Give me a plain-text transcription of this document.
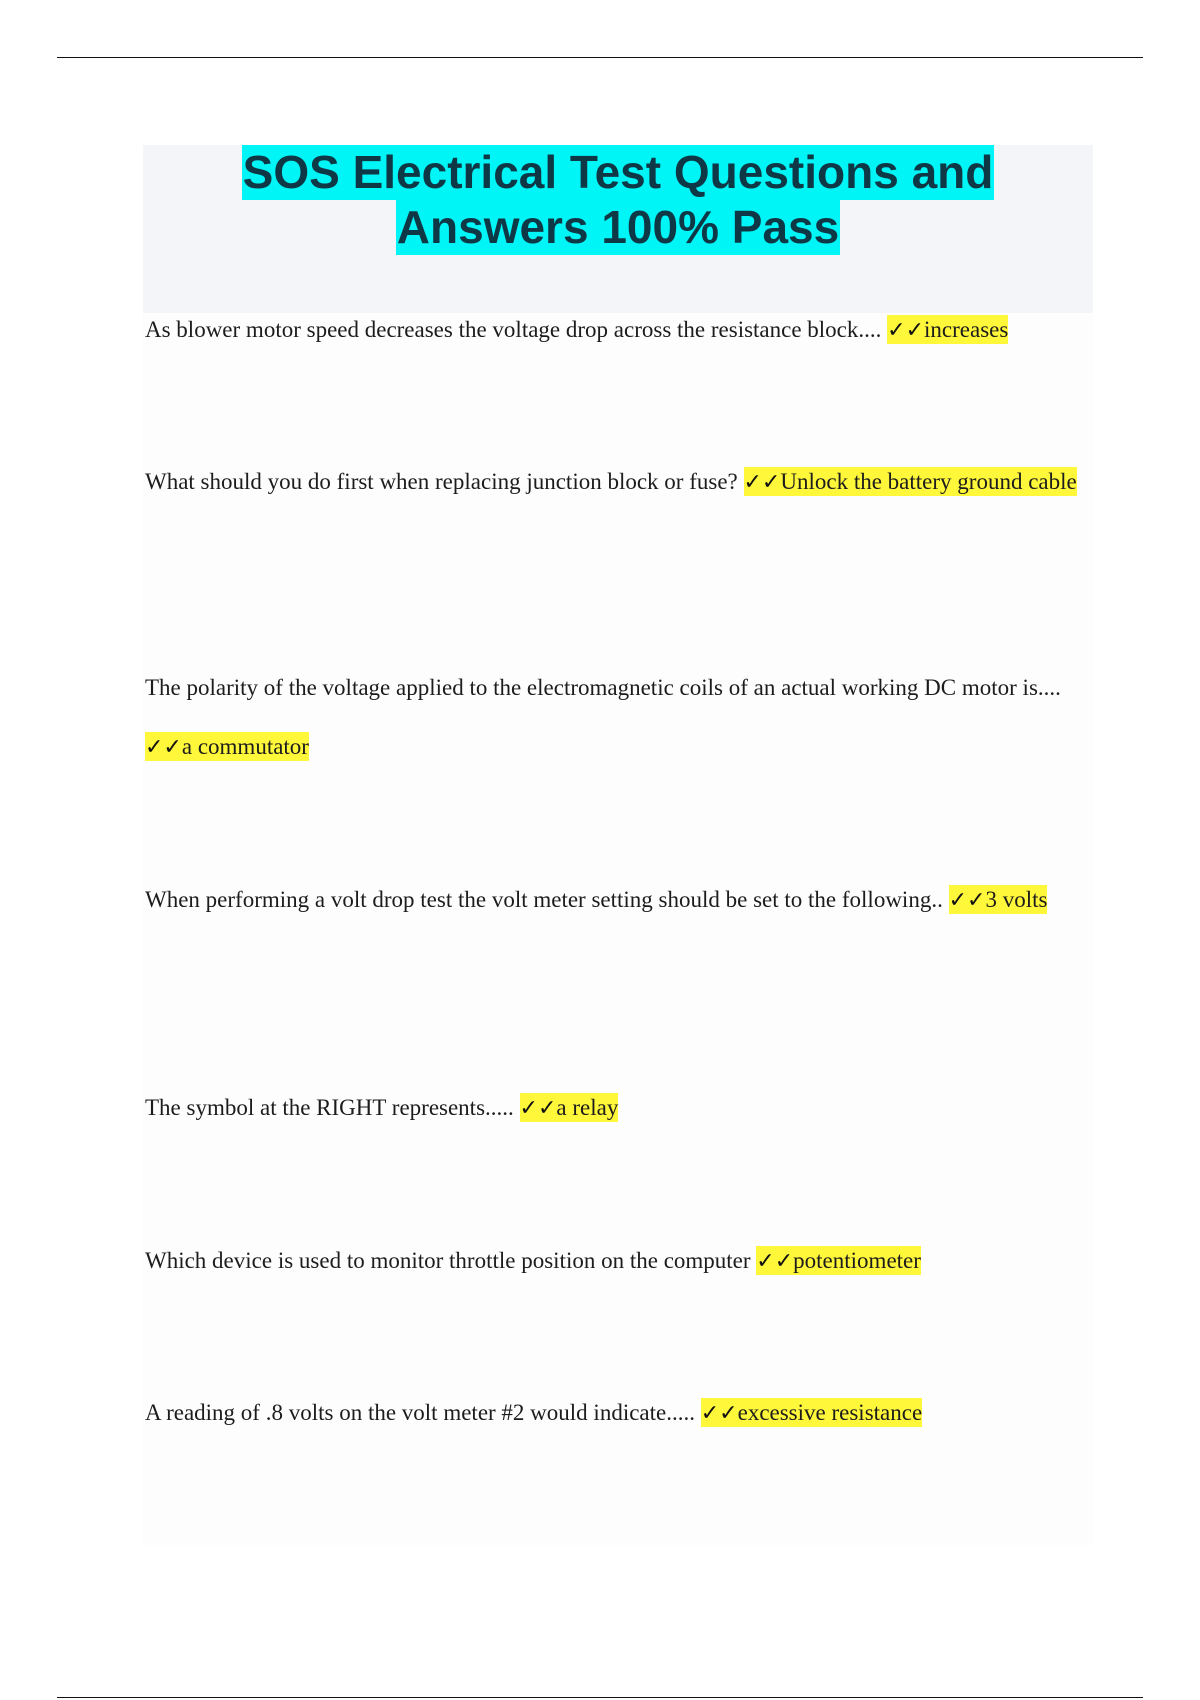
SOS Electrical Test Questions and
Answers 100% Pass

As blower motor speed decreases the voltage drop across the resistance block.... ✓✓increases

What should you do first when replacing junction block or fuse? ✓✓Unlock the battery ground cable

The polarity of the voltage applied to the electromagnetic coils of an actual working DC motor is.... ✓✓a commutator

When performing a volt drop test the volt meter setting should be set to the following.. ✓✓3 volts

The symbol at the RIGHT represents..... ✓✓a relay

Which device is used to monitor throttle position on the computer ✓✓potentiometer

A reading of .8 volts on the volt meter #2 would indicate..... ✓✓excessive resistance
